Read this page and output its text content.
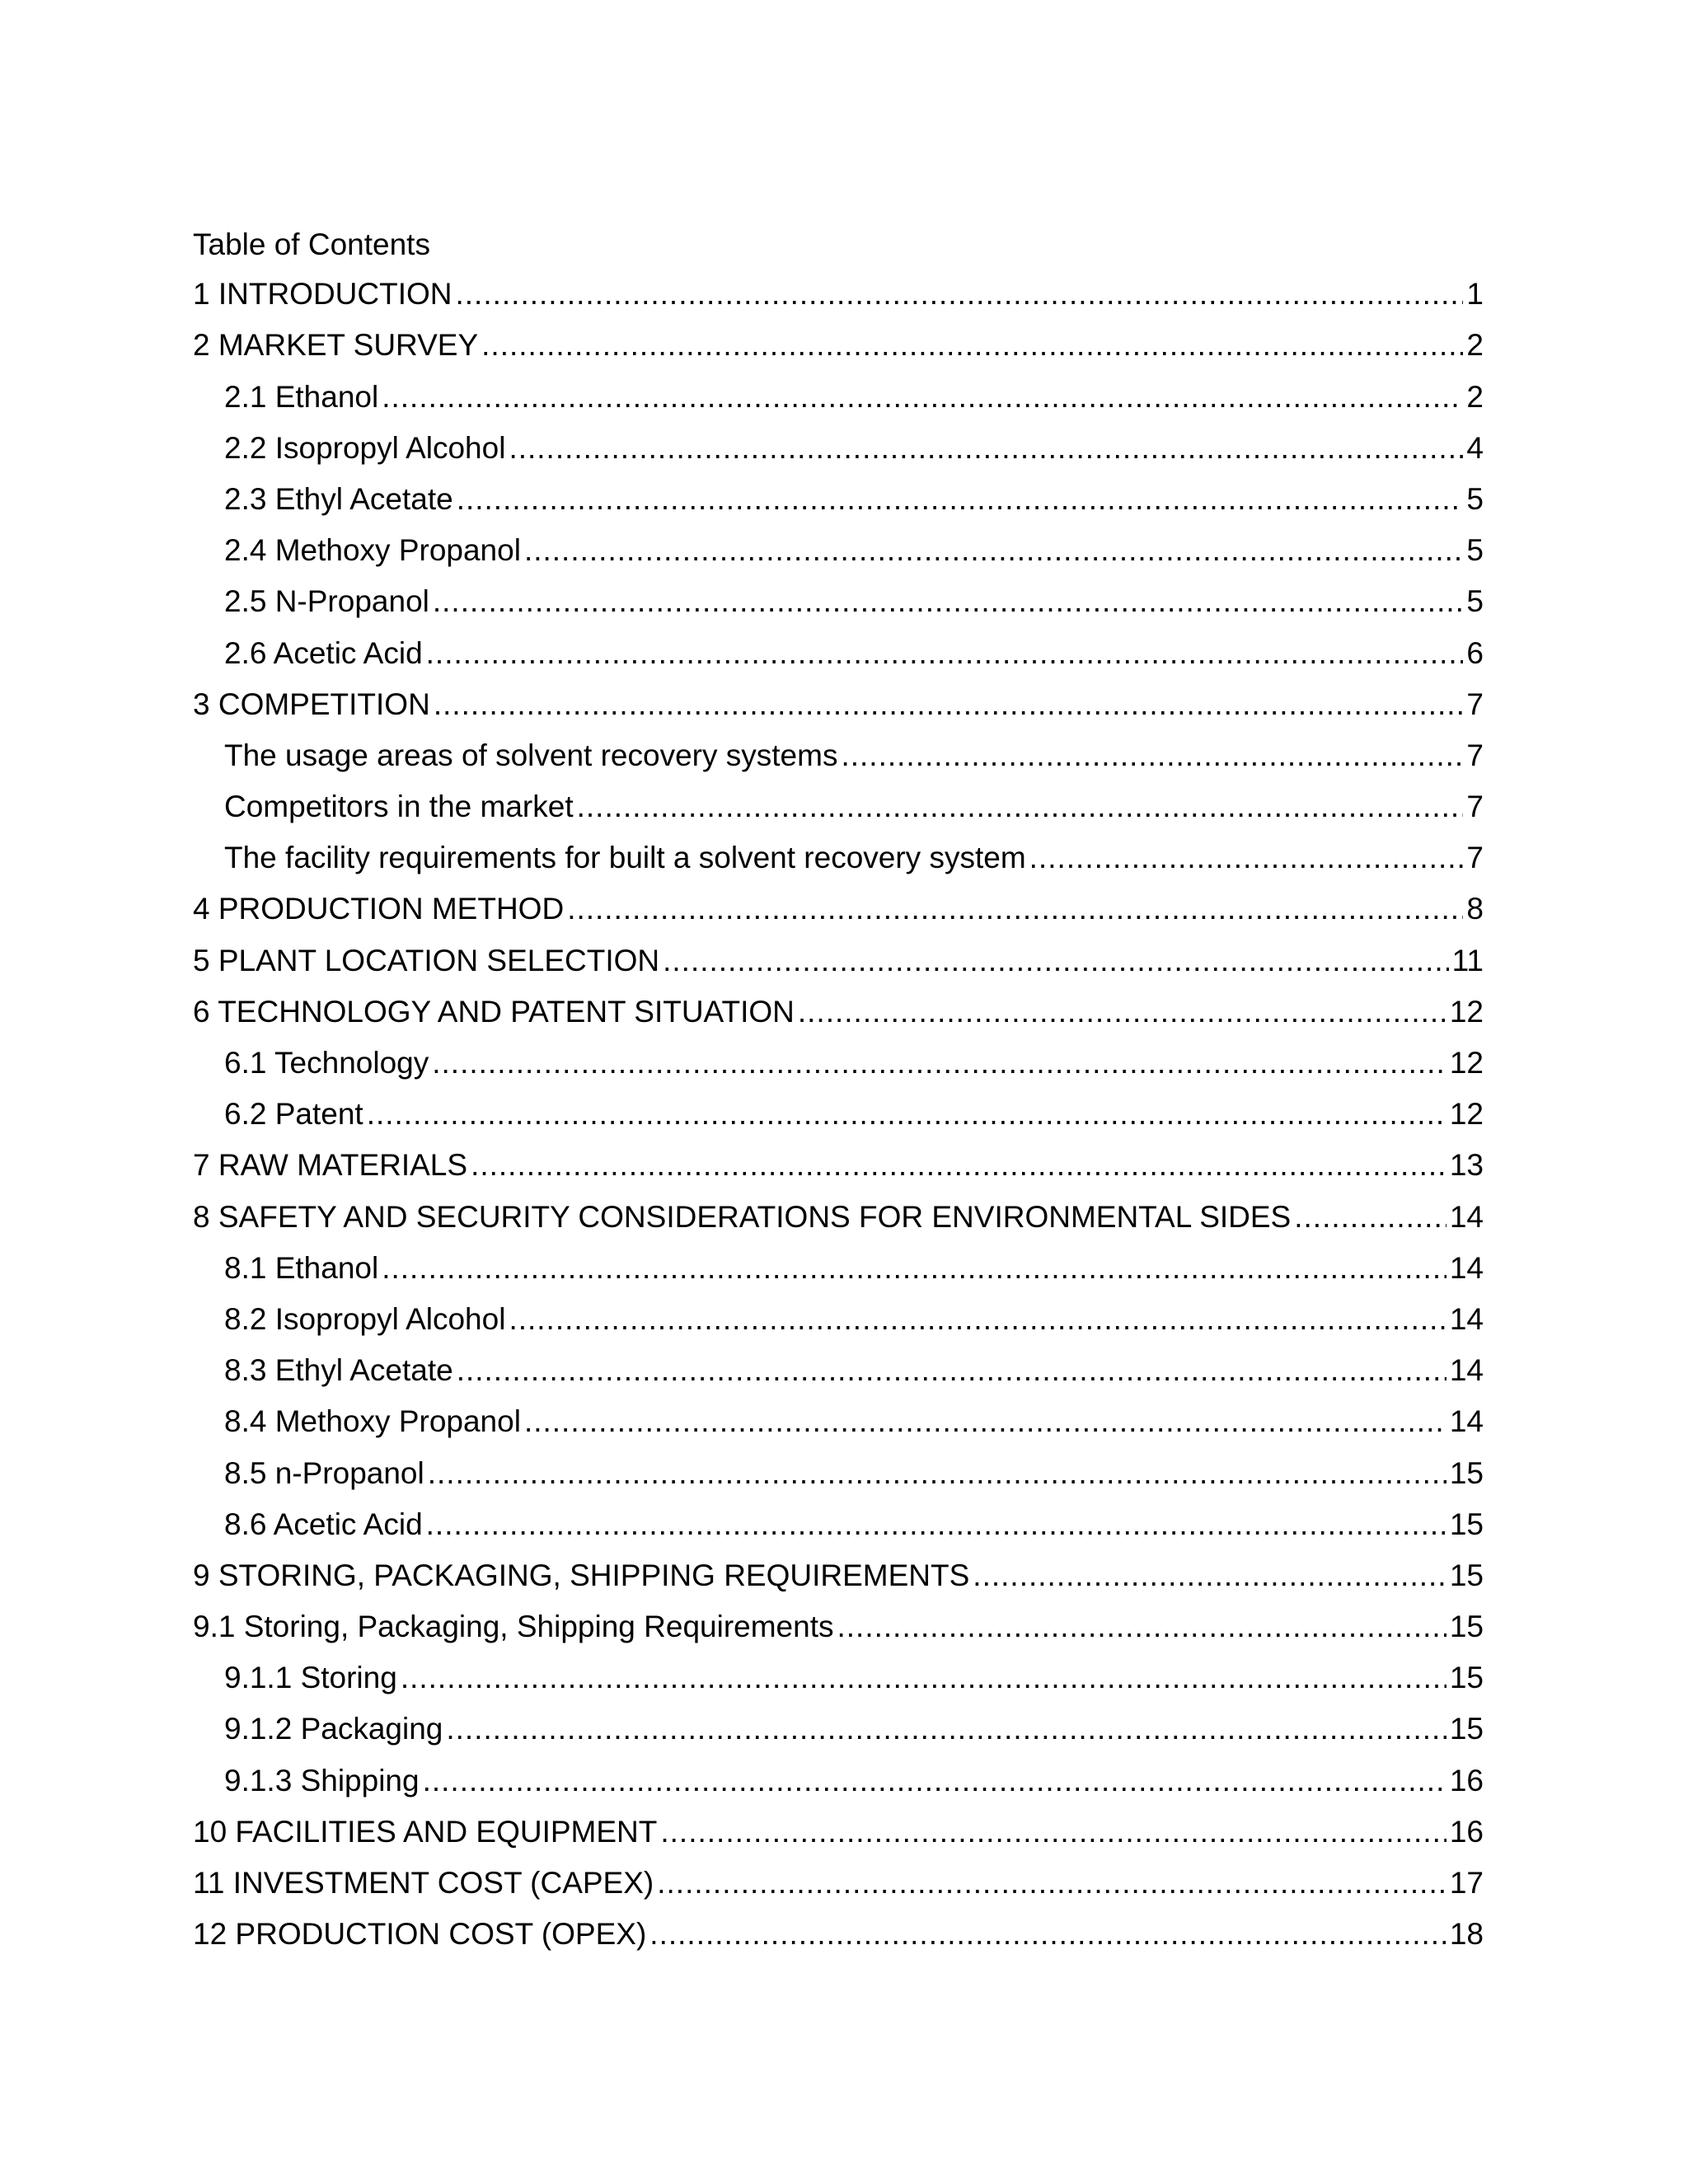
Table of Contents
1 INTRODUCTION .....	1
2 MARKET SURVEY .....	2
2.1 Ethanol .....	2
2.2 Isopropyl Alcohol .....	4
2.3 Ethyl Acetate .....	5
2.4 Methoxy Propanol .....	5
2.5 N-Propanol .....	5
2.6 Acetic Acid .....	6
3 COMPETITION .....	7
The usage areas of solvent recovery systems .....	7
Competitors in the market .....	7
The facility requirements for built a solvent recovery system .....	7
4 PRODUCTION METHOD .....	8
5 PLANT LOCATION SELECTION .....	11
6 TECHNOLOGY AND PATENT SITUATION .....	12
6.1 Technology .....	12
6.2 Patent .....	12
7 RAW MATERIALS .....	13
8 SAFETY AND SECURITY CONSIDERATIONS FOR ENVIRONMENTAL SIDES .....	14
8.1 Ethanol .....	14
8.2 Isopropyl Alcohol .....	14
8.3 Ethyl Acetate .....	14
8.4 Methoxy Propanol .....	14
8.5 n-Propanol .....	15
8.6 Acetic Acid .....	15
9 STORING, PACKAGING, SHIPPING REQUIREMENTS .....	15
9.1 Storing, Packaging, Shipping Requirements .....	15
9.1.1 Storing .....	15
9.1.2 Packaging .....	15
9.1.3 Shipping .....	16
10 FACILITIES AND EQUIPMENT .....	16
11 INVESTMENT COST (CAPEX) .....	17
12 PRODUCTION COST (OPEX) .....	18
